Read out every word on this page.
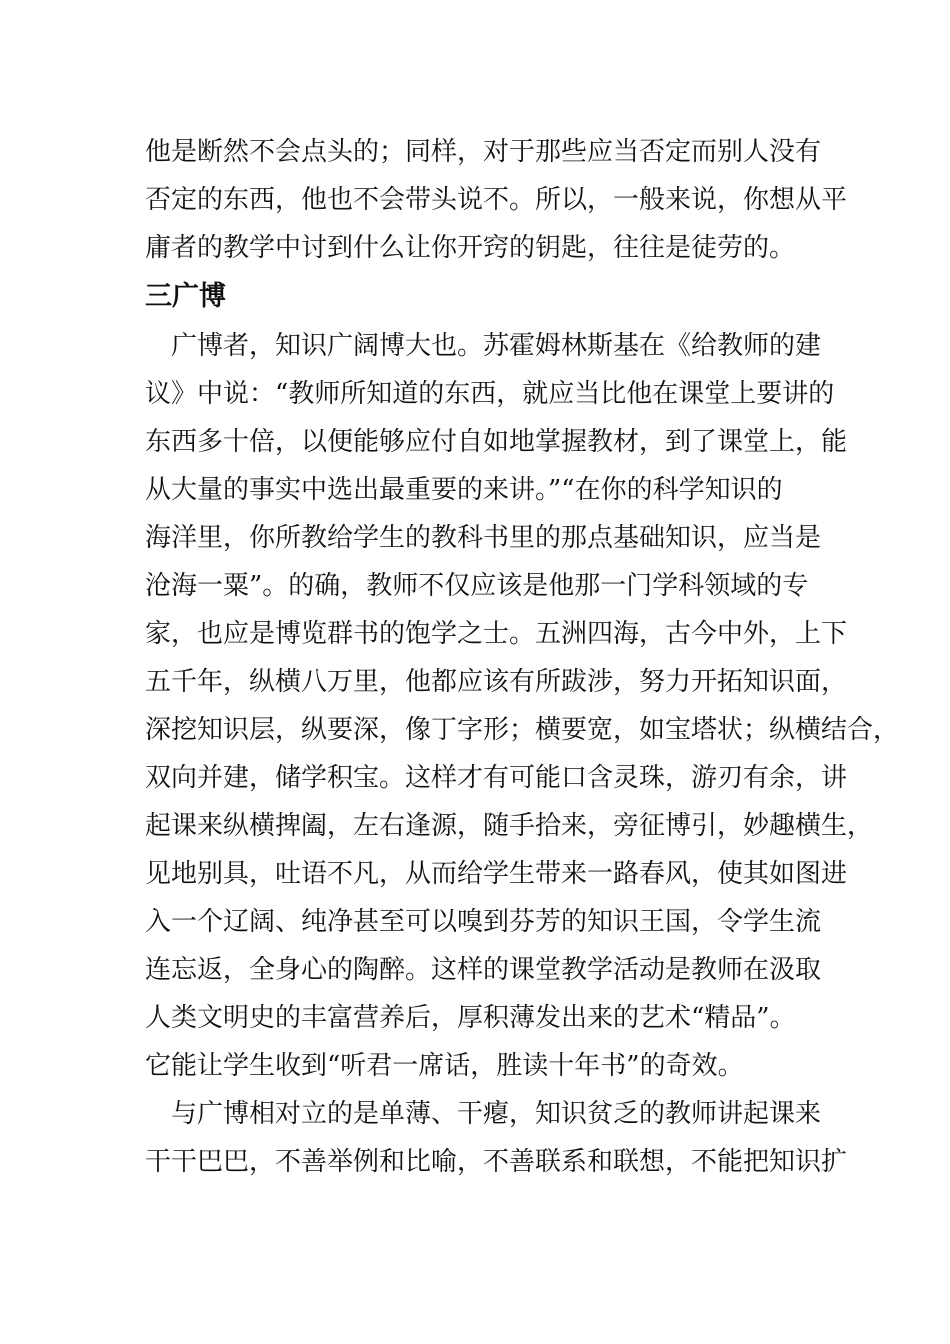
他是断然不会点头的；同样，对于那些应当否定而别人没有
否定的东西，他也不会带头说不。所以，一般来说，你想从平
庸者的教学中讨到什么让你开窍的钥匙，往往是徒劳的。
三广博
广博者，知识广阔博大也。苏霍姆林斯基在《给教师的建
议》中说：“教师所知道的东西，就应当比他在课堂上要讲的
东西多十倍，以便能够应付自如地掌握教材，到了课堂上，能
从大量的事实中选出最重要的来讲。”“在你的科学知识的
海洋里，你所教给学生的教科书里的那点基础知识，应当是
沧海一粟”。的确，教师不仅应该是他那一门学科领域的专
家，也应是博览群书的饱学之士。五洲四海，古今中外，上下
五千年，纵横八万里，他都应该有所跋涉，努力开拓知识面，
深挖知识层，纵要深，像丁字形；横要宽，如宝塔状；纵横结合，
双向并建，储学积宝。这样才有可能口含灵珠，游刃有余，讲
起课来纵横捭阖，左右逢源，随手拾来，旁征博引，妙趣横生，
见地别具，吐语不凡，从而给学生带来一路春风，使其如图进
入一个辽阔、纯净甚至可以嗅到芬芳的知识王国，令学生流
连忘返，全身心的陶醉。这样的课堂教学活动是教师在汲取
人类文明史的丰富营养后，厚积薄发出来的艺术“精品”。
它能让学生收到“听君一席话，胜读十年书”的奇效。
与广博相对立的是单薄、干瘪，知识贫乏的教师讲起课来
干干巴巴，不善举例和比喻，不善联系和联想，不能把知识扩
